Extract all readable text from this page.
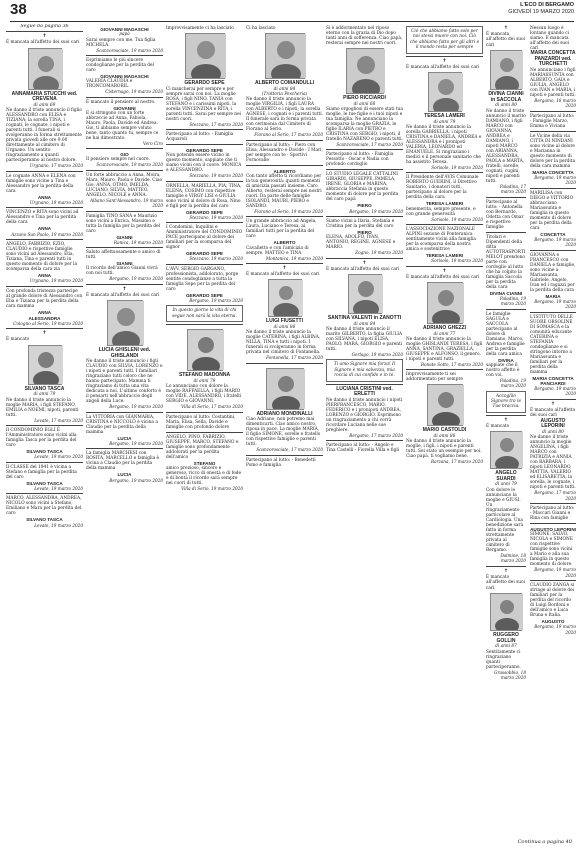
38	L'ECO DI BERGAMO
GIOVEDÌ 19 MARZO 2020
Segue da pagina 36
✝
È mancata all'affetto dei suoi cari
ANNAMARIA STUCCHI ved. CREVENA
di anni 69
Ne danno il triste annuncio il figlio ALESSANDRO con ELISA e TIZIANA; la sorella TINA, i cognati, le cognate, i nipoti e parenti tutti. I funerali si svolgeranno in forma strettamente privata giovedì alle ore 9.00 direttamente al cimitero di Urgnano. Un sentito ringraziamento a quanti parteciperanno al nostro dolore.
Urgnano, 17 marzo 2020
Le cognate ANNA e ELENA con famiglie sono vicine a Tina e Alessandro per la perdita della cara
ANNA
Urgnano, 19 marzo 2020
VINCENZO e RITA sono vicini ad Alessandro e Tina per la perdita della cara
ANNA
Azzano San Paolo, 19 marzo 2020
ANGELO, FABRIZIO, EZIO, CLAUDIO e rispettive famiglie sono vicini ad Alessandro, Elia, Tiziana, Tina e parenti tutti in questo momento di dolore per la scomparsa della cara zia
ANNA
Urgnano, 19 marzo 2020
Con profonda tristezza partecipe al grande dolore di Alessandro con Elia e Tiziana per la perdita della cara mamma
ANNA
ALESSANDRA
Cologno al Serio, 19 marzo 2020
✝
È mancato
SILVANO TASCA
di anni 79
Ne danno il triste annuncio la moglie MARIA, i figli STEFANO, EMILIA e NOEMI, nipoti, parenti tutti.
Levate, 17 marzo 2020
Il CONDOMINIO EGLI È l'Amministratore sono vicini alla famiglia Tasca per la perdita del caro
SILVANO TASCA
Levate, 19 marzo 2020
Il CLASSE del 1941 è vicina a Stefano e famiglia per la perdita del caro
SILVANO TASCA
Levate, 19 marzo 2020
MARCO, ALESSANDRA, ANDREA, NICOLO sono vicini a Stefano, Emiliano e Mara per la perdita del caro
SILVANO TASCA
Levate, 19 marzo 2020
GIOVANNI MADASCHI
papà
Sarai sempre con me. Tua figlia MICHELA.
Scanzorosciate, 19 marzo 2020
Esprimiamo le più sincere condoglianze per la perdita del caro
GIOVANNI MADASCHI
VALERIA CLAUDIA e TRONCOMAROBIL.
Cisternago, 19 marzo 2020
È mancato il pensiero al nostro.
GIOVANNI
E si stringono con un forte abbraccio ad Anna, Fabiola, Mauro, Paola, Davide ed Andrea. Gio, ti abbiamo sempre voluto bene, tanto quanto tu, sempre ce ne hai dimostrato.
Vero Ciro
GIO
Il pensiero sempre nel cuore.
Scanzorosciate, 19 marzo 2020
Un forte abbraccio a Anna, Moira, Mara, Mauro, Paola e Davide. Ciao Gio: ANNA, OTMO, IMELDA, LUCIANO, SILVIA, MATTEO, ANGELO, NICOLE e ANNA.
Albano Sant'Alessandro, 19 marzo 2020
Famiglia TINO SANA e Maurizio sono vicini a Enrica, Massimo e tutta la famiglia per la perdita del caro
GIANNI
Ranica, 19 marzo 2020
Saluto affettuosamente e amico di tutti
GIANNI
Il ricordo dell'amico Gianni vivrà con noi tutti.
Bergamo, 19 marzo 2020
✝
È mancato all'affetto dei suoi cari
LUCIA GHISLENI ved. GHISLANDI
Ne danno il triste annuncio i figli CLAUDIO con SILVIA, LORENZO e i nipoti e parenti tutti. I familiari ringraziano tutti coloro che ne hanno partecipato. Mamma ti ringraziamo di tutta una vita dedicata a noi. L'ultimo conforto è il pensarti nell'abbraccio degli angeli della Luce.
Bergamo, 19 marzo 2020
La VITTORIA con GIANMARIA, CRISTINA e NICCOLÒ è vicina a Claudio per la perdita della mamma
LUCIA
Bergamo, 19 marzo 2020
La famiglia MARCHESI con ROSITA, MARCELLO e famiglia è vicina a Claudio per la perdita della mamma
LUCIA
Bergamo, 19 marzo 2020
Improvvisamente ci ha lasciato
GERARDO SEPE
Ci mancherai per sempre e per sempre sarai con noi. La moglie ROSA, i figli NINO, TANIA con STEFANO e i carissimi nipoti, la sorella VINCENZINA e RITA, i parenti tutti. Sarai per sempre nei nostri cuori.
Stezzano, 17 marzo 2020
Partecipano al lutto: - Famiglia Acquaroli
GERARDO SEPE
Non potendo essere vicino in questo momento, sappiate che ti siamo vicini con il cuore. MONICA e ALESSANDRO.
Stezzano, 19 marzo 2020
ORNELLA, MARIELLA, PIA, TINA, ELENA, COSIMO con rispettive famiglie e VIRGY LISI e GIULIA sono vicini al dolore di Rosa, Nino e figli per la perdita del caro
GERARDO SEPE
Stezzano, 19 marzo 2020
I Condomini, Inquilini e Amministratore del CONDOMINIO PACE partecipano al dolore dei familiari per la scomparsa del signor
GERARDO SEPE
Stezzano, 19 marzo 2020
L'AVV. SERGIO GARGANO, professionista, addolorato, porge sentite condoglianze a tutta la famiglia Sepe per la perdita del caro
GERARDO SEPE
Bergamo, 19 marzo 2020
In questo giorno la vita di chi segue non sarà la vita eterna.
STEFANO MADONNA
di anni 79
Lo annunciano con dolore la moglie RAFFAELLA, i figli MARIO con VIDE, ALESSANDRO, i fratelli SERGIO e GIOVANNI.
Villa di Serio, 17 marzo 2020
Partecipano al lutto: Costantini, Maria, Elisa, Sella, Davide e famiglie con profondo dolore
ANGELO, PINO, FABRIZIO, GIUSEPPE, MARCO, STEFANO e famiglie sono profondamente addolorati per la perdita dell'amico
STEFANO
amico prezioso, sincero e generoso, ricco di onestà e di fede e di bontà il ricordo sarà sempre nei cuori di tutti.
Villa di Serio, 19 marzo 2020
Ci ha lasciato
ALBERTO COMANDULLI
di anni 84
(Trattoria Pescheria)
Ne danno il triste annuncio la moglie VIRGILIA, i figli LAURA con ALBERTO e i nipoti; la sorella AGNESE, i cognati e i parenti tutti. Il funerale sarà in forma privata con cerimonia dal Cimitero di Fiorano al Serio.
Fiorano al Serio, 17 marzo 2020
Partecipano al lutto: - Piero con Elisa, Alessandro e Davide - I Mari, per sempre con te - Sportivi Fornovalle
ALBERTO
Con tanto affetto ti ricordiamo per la tua generosità: quanti momenti di amicizia passati insieme. Caro Alberto, resterai sempre nei nostri cuori. Da parte delle famiglie ISOLANDI, MAURI, PIERO e SANDRO.
Fiorano al Serio, 19 marzo 2020
Un grande abbraccio ad Angela, Laura, Luciano e Teresa, ai familiari tutti per la perdita del caro
ALBERTO
Cavalletto e con l'amicizia di sempre. MATTEO e TINA
Montanica, 19 marzo 2020
✝
È mancato all'affetto dei suoi cari
LUIGI FIUSETTI
di anni 86
Ne danno il triste annuncio la moglie CATERINA, i figli ALBINA, NILLA, TINA e tutti i nipoti. I funerali si svolgeranno in forma privata nel cimitero di Fontanella.
Fontanella, 17 marzo 2020
ADRIANO MONDINALLI
Ciao Adriano, non potremo mai dimenticarti. Ciao amico nostro, riposa in pace. La moglie MARIA, il figlio SIMONE, sorelle e fratello con rispettive famiglie e parenti tutti.
Scanzorosciate, 17 marzo 2020
Partecipano al lutto: - Benedetti Pomo e famiglia
Si è addormentato nel riposo eterno con la grazia di Dio dopo tanti anni di sofferenza. Ciao papà, resterai sempre nei nostri cuori.
PIERO RICCIARDI
di anni 68
Siamo orgogliosi di essere stati tua moglie, le tue figlie e i tuoi nipoti e tua famiglia. Ne annunciano la scomparsa la moglie GRAZIA, le figlie ILARIA con PIETRO e CRISTINA con SERGIO, i nipoti, il fratello NAZARENO e parenti tutti.
Scanzorosciate, 17 marzo 2020
Partecipano al lutto: - Famiglia Pessotto - Oscar e Nadia con profondo cordoglio
LO STUDIO LEGALE CATTALINI GIRARDI, GIUSEPPE, PAMELA, IRENE, GLORIA e MARINA, abbraccia Stefania in questo momento di dolore per la perdita del caro papà
PIERO
Bergamo, 19 marzo 2020
Siamo vicini a Ilaria, Stefania e Cristina per la perdita del caro
PIERO
ELENA, ADOLFO, IVAN, ANTONIO, REGINE, AGNESE e MARIO.
Zogno, 19 marzo 2020
✝
È mancato all'affetto dei suoi cari
SANTINA VALENTI in ZANOTTI
di anni 84
Ne danno il triste annuncio il marito GILBERTO, la figlia GIULIA con SILVANA, i nipoti ELISA, PAOLO, MARA, GIORGIO e parenti tutti.
Gorlago, 19 marzo 2020
Ti amo Signore mia forza! Il Signore è mia salvezza, mia roccia di cui confido e in te.
LUCIANA CRISTINI ved. ERLETTI
Ne danno il triste annuncio i nipoti PIERFRANCESCO, MARIO, FEDERICO e i pronipoti ANDREA, LORENZO e GIORGIO. Esprimono un ringraziamento a chi vorrà ricordare Luciana nelle sue preghiere.
Bergamo, 17 marzo 2020
Partecipano al lutto: - Angelo e Tina Castelli - Fiorella Villa e figli
Ciò che abbiamo fatto solo per noi stessi muore con noi. Ciò che abbiamo fatto per gli altri e il mondo resta per sempre
✝
È mancata all'affetto dei suoi cari
TERESA LAMERI
di anni 79
Ne danno il triste annuncio la sorella GABRIELLA, i nipoti CRISTINA e DANIELA, ANDREA e ALESSANDRA e i pronipoti VALERIA, LEONARDO ed EMANUELE. Si ringraziano i medici e il personale sanitario che ha assistito Teresa.
Sorisole, 19 marzo 2020
Il Presidente dell'AVIS Comunale ROBERTO GUERINI, il Direttivo Sanitario, i donatori tutti, partecipano al dolore per la perdita della cara
TERESA LAMERI
benemerita, sempre presente, e con grande generosità
Sorisole, 19 marzo 2020
L'ASSOCIAZIONE NAZIONALE ALPINI sezione di Ponteranica sentitamente vicini alla famiglia per la scomparsa della nostra amica e sostenitrice
TERESA LAMERI
Sorisole, 19 marzo 2020
✝
È mancato all'affetto dei suoi cari
ADRIANO GHEZZI
di anni 77
Ne danno il triste annuncio la moglie GHISLANDI TERESA, i figli ANNA, SANTINA, GRAZIELLA, GIUSEPPE e ALFONSO, il genero, i nipoti e parenti tutti.
Bonate Sotto, 17 marzo 2020
Improvvisamente ti sei addormentato per sempre
MARIO CASTOLDI
di anni 86
Ne danno il triste annuncio la moglie, i figli, i nipoti e parenti tutti. Sei stato un esempio per noi. Ciao papà, ti vogliamo bene.
Barzana, 17 marzo 2020
✝
È mancata all'affetto dei suoi cari
DIVINA CIANNI in SACCOLA
di anni 80
Ne danno il triste annuncio il marito DAMIANO, i figli MARCO con GIOVANNA, ANDREA e DAMIANO, i nipoti MARCO con ARIANNA, ALESSANDRA, PAOLA e MARTA, fratelli, sorelle, cognati, cugini, nipoti e parenti tutti.
Paladina, 17 marzo 2020
Partecipano al lutto: - Antonella con Bernardo, Odetta con Omar e rispettive famiglie
Titolari e Dipendenti della ditta AUTOTRASPORTI MELOT prendono parte con cordoglio al lutto che ha colpito la famiglia Saccola per la perdita della cara
DIVINA CIANNI
Paladina, 19 marzo 2020
Le famiglie SAGULA e SACCOLA partecipano al dolore di Damiano, Marco, Andrea e famiglie per la perdita della cara amica
DIVINA
sappiate che il nostro affetto è con voi.
Paladina, 19 marzo 2020
Accoglilo Signore tra le Tue braccia.
✝
È mancato
ANGELO SUARDI
di anni 79
Con dolore lo annunciano la moglie e GIUSI. Un ringraziamento particolare al Cardiologia. Una benedizione sarà fatta in forma strettamente privata al cimitero di Bergamo.
Dalmine, 18 marzo 2020
✝
È mancato all'affetto dei suoi cari
RUGGERO GOLLIN
di anni 87
Sentitamente ci ringraziano quanti parteciperanno.
Grassobbio, 18 marzo 2020
Nessun luogo è lontano quando ci siamo. È mancata all'affetto dei suoi cari
MARIA CONCETTA PANZARDI ved. TURCHETTI
Ne annunciano i figli MARIASSUNTA con ALBERTO, GAIA e GIULIA, ANGELO con IVAN e MARIA, i nipoti e parenti tutti.
Bergamo, 18 marzo 2020
Partecipano al lutto: - Famiglie Marzo, Emma e Viviana
Le Vicine della via CITTÀ DI NINDANI sono vicine al dolore e Marianna in questo momento di dolore per la perdita della cara mamma
MARIA CONCETTA
Bergamo, 19 marzo 2020
MARILISA con DIEGO e VITTORIO abbracciano Mariassunta e famiglia in questo momento di dolore per la perdita della cara
CONCETTA
Bergamo, 19 marzo 2020
GIOVANNA e FRANCESCO con DANIELA e famiglie, sono vicine a Mariassunta, Gabriele, Angelo, Ivan ed i ragazzi per la perdita della cara
MARIA
Bergamo, 19 marzo 2020
L'ISTITUTO DELLE SUORE ORSOLINE DI SOMASCA e la comunità educante CATERINA e STEFANIA condoglianze e si stringono intorno a Mariassunta e familiari per la perdita della mamma
MARIA CONCETTA PANCIARDI
Bergamo, 19 marzo 2020
✝
È mancato all'affetto dei suoi cari
AUGUSTO LEPORINI
di anni 80
Ne danno il triste annuncio la moglie ANGELINA, i figli MARCO con PATRIZIA e ANNIA con BARBARA, i nipoti LEONARDO, MATTIA, VALERIO ed ELISABETTA, la sorella, le cognate, i nipoti e parenti tutti.
Bergamo, 17 marzo 2020
Partecipano al lutto: - Maccari Gianni e Rina con famiglie
AUGUSTO LEPORINI
SIMONE, SALVO, NICOLA e SIMONE con rispettive famiglie sono vicini a Mario e alla sua famiglia in questo momento di dolore.
Bergamo, 19 marzo 2020
CLAUDIO ZANGA si stringe al dolore dei familiari per la perdita del ricordo di Luigi Bordoni e dell'amico e Luca Bruna e Italia.
AUGUSTO
Bergamo, 19 marzo 2020
Continua a pagina 40
